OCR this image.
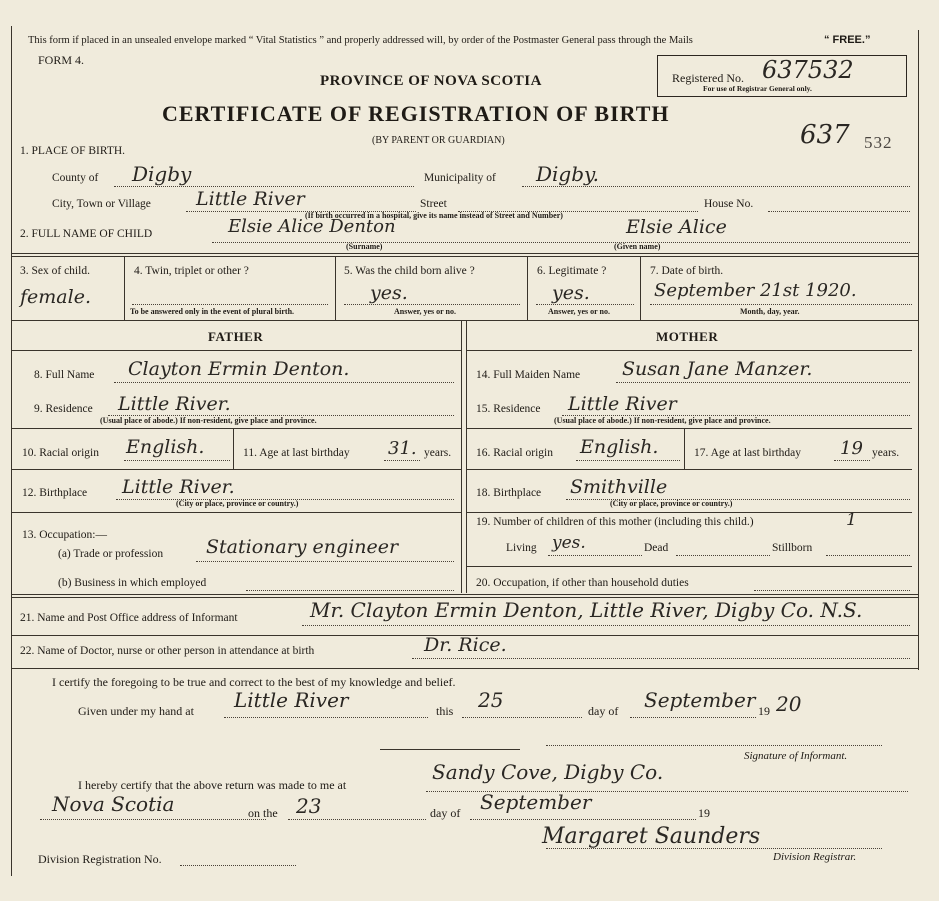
This form if placed in an unsealed envelope marked “ Vital Statistics ” and properly addressed will, by order of the Postmaster General pass through the Mails	“ FREE.”
FORM 4.
PROVINCE OF NOVA SCOTIA
CERTIFICATE OF REGISTRATION OF BIRTH
(BY PARENT OR GUARDIAN)
Registered No. 637532
For use of Registrar General only.
637 532
1. PLACE OF BIRTH.
County of Digby	Municipality of Digby.
City, Town or Village Little River	Street	House No.
(If birth occurred in a hospital, give its name instead of Street and Number)
2. FULL NAME OF CHILD	Elsie Alice Denton	Elsie Alice
(Surname)	(Given name)
3. Sex of child.
female.
4. Twin, triplet or other ?
To be answered only in the event of plural birth.
5. Was the child born alive ?
yes.
Answer, yes or no.
6. Legitimate ?
yes.
Answer, yes or no.
7. Date of birth.
September 21st 1920.
Month, day, year.
FATHER	MOTHER
8. Full Name Clayton Ermin Denton.
9. Residence Little River.
(Usual place of abode.) If non-resident, give place and province.
10. Racial origin English.	11. Age at last birthday 31. years.
12. Birthplace Little River.
(City or place, province or country.)
13. Occupation:—
(a) Trade or profession Stationary engineer
(b) Business in which employed
14. Full Maiden Name Susan Jane Manzer.
15. Residence Little River
(Usual place of abode.) If non-resident, give place and province.
16. Racial origin English.	17. Age at last birthday 19 years.
18. Birthplace Smithville
(City or place, province or country.)
19. Number of children of this mother (including this child.)	1
Living yes.	Dead	Stillborn
20. Occupation, if other than household duties
21. Name and Post Office address of Informant	Mr. Clayton Ermin Denton, Little River, Digby Co. N.S.
22. Name of Doctor, nurse or other person in attendance at birth	Dr. Rice.
I certify the foregoing to be true and correct to the best of my knowledge and belief.
Given under my hand at Little River	this 25	day of September 19 20
Signature of Informant.
I hereby certify that the above return was made to me at
Sandy Cove, Digby Co.
Nova Scotia	on the 23	day of September	19
Margaret Saunders
Division Registration No.	Division Registrar.
